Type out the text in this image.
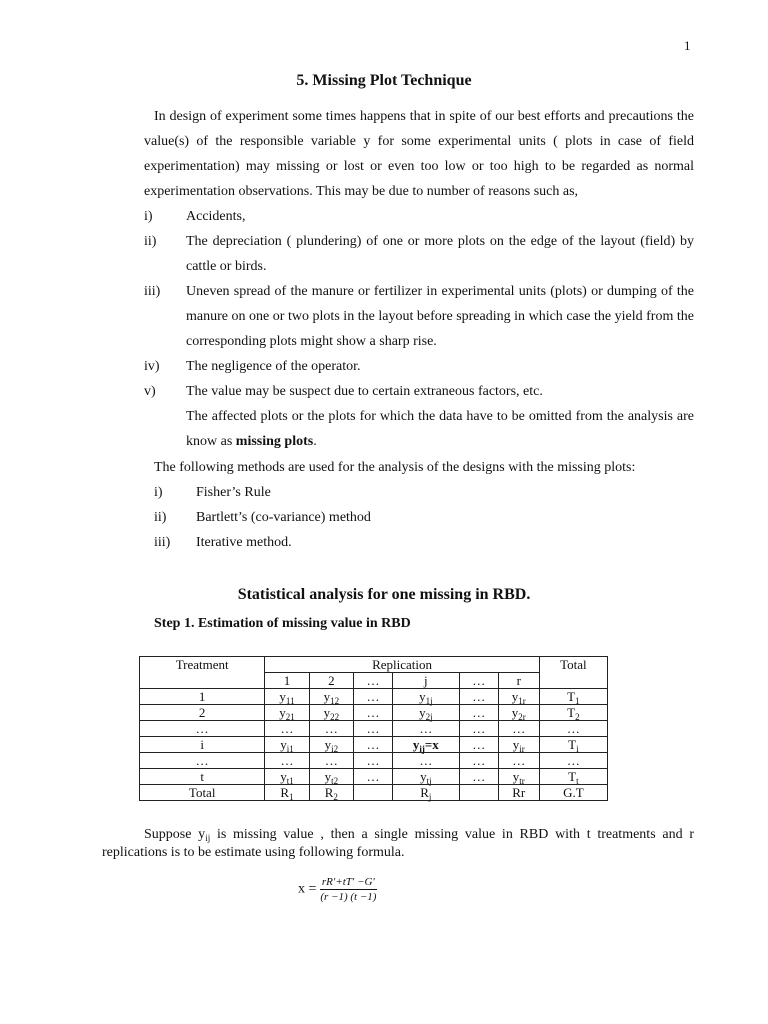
1
5. Missing Plot Technique

In design of experiment some times happens that in spite of our best efforts and precautions the value(s) of the responsible variable y for some experimental units ( plots in case of field experimentation) may missing or lost or even too low or too high to be regarded as normal experimentation observations. This may be due to number of reasons such as,

i) Accidents,
ii) The depreciation ( plundering) of one or more plots on the edge of the layout (field) by cattle or birds.
iii) Uneven spread of the manure or fertilizer in experimental units (plots) or dumping of the manure on one or two plots in the layout before spreading in which case the yield from the corresponding plots might show a sharp rise.
iv) The negligence of the operator.
v) The value may be suspect due to certain extraneous factors, etc.
The affected plots or the plots for which the data have to be omitted from the analysis are know as missing plots.
The following methods are used for the analysis of the designs with the missing plots:
i) Fisher’s Rule
ii) Bartlett’s (co-variance) method
iii) Iterative method.
Statistical analysis for one missing in RBD.
Step 1. Estimation of missing value in RBD
Treatment	Replication						Total
	1	2	…	j	…	r	
1	$y_{11}$	$y_{12}$	…	$y_{1j}$	…	$y_{1r}$	$T_1$
2	$y_{21}$	$y_{22}$	…	$y_{2j}$	…	$y_{2r}$	$T_2$
…	…	…	…	…	…	…	…
i	$y_{i1}$	$y_{i2}$	…	$y_{ij}=x$	…	$y_{ir}$	$T_i$
…	…	…	…	…	…	…	…
t	$y_{t1}$	$y_{t2}$	…	$y_{tj}$	…	$y_{tr}$	$T_t$
Total	$R_1$	$R_2$		$R_j$		Rr	G.T

Suppose $y_{ij}$ is missing value , then a single missing value in RBD with t treatments and r replications is to be estimate using following formula.

$x = \frac{rR'+tT' -G'}{(r -1) (t -1)}$
